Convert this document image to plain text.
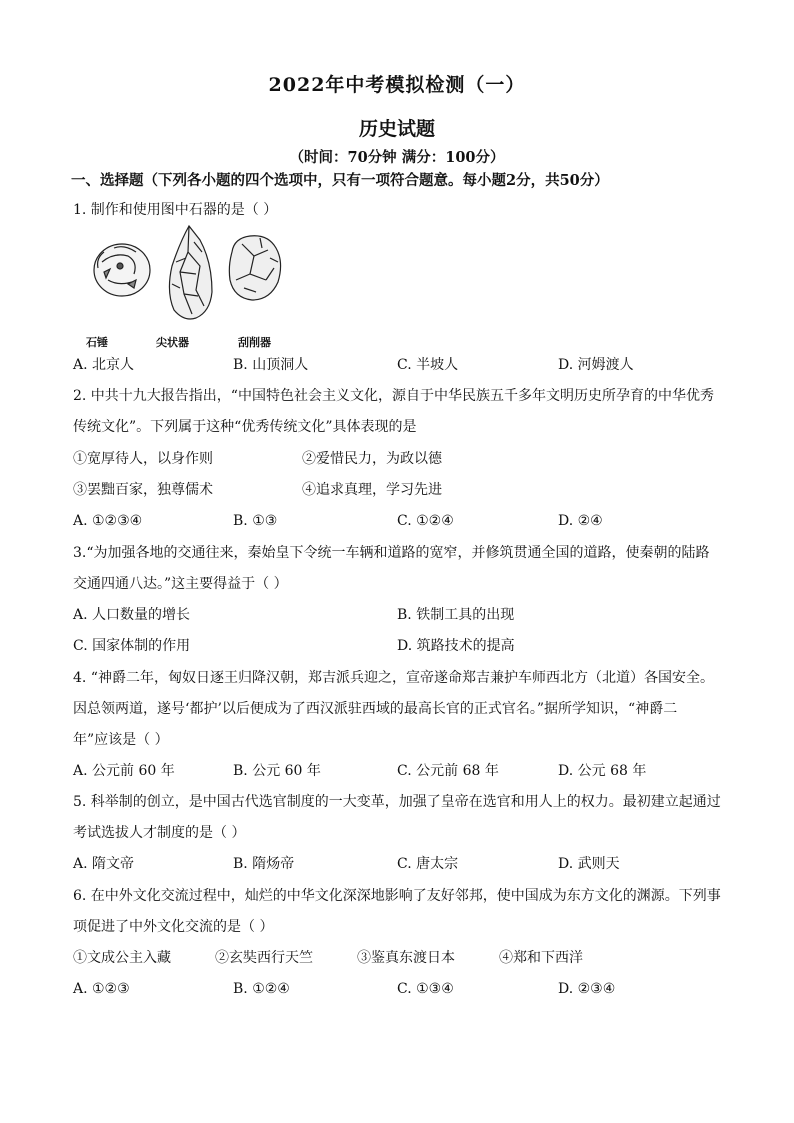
2022年中考模拟检测（一）
历史试题
（时间：70分钟 满分：100分）
一、选择题（下列各小题的四个选项中，只有一项符合题意。每小题2分，共50分）
1. 制作和使用图中石器的是（ ）
石锤	尖状器	刮削器
A. 北京人	B. 山顶洞人	C. 半坡人	D. 河姆渡人
2. 中共十九大报告指出，“中国特色社会主义文化，源自于中华民族五千多年文明历史所孕育的中华优秀
传统文化”。下列属于这种“优秀传统文化”具体表现的是
①宽厚待人，以身作则	②爱惜民力，为政以德
③罢黜百家，独尊儒术	④追求真理，学习先进
A. ①②③④	B. ①③	C. ①②④	D. ②④
3.“为加强各地的交通往来，秦始皇下令统一车辆和道路的宽窄，并修筑贯通全国的道路，使秦朝的陆路
交通四通八达。”这主要得益于（ ）
A. 人口数量的增长	B. 铁制工具的出现
C. 国家体制的作用	D. 筑路技术的提高
4. “神爵二年，匈奴日逐王归降汉朝，郑吉派兵迎之，宣帝遂命郑吉兼护车师西北方（北道）各国安全。
因总领两道，遂号‘都护’以后便成为了西汉派驻西域的最高长官的正式官名。”据所学知识，“神爵二
年”应该是（ ）
A. 公元前 60 年	B. 公元 60 年	C. 公元前 68 年	D. 公元 68 年
5. 科举制的创立，是中国古代选官制度的一大变革，加强了皇帝在选官和用人上的权力。最初建立起通过
考试选拔人才制度的是（ ）
A. 隋文帝	B. 隋炀帝	C. 唐太宗	D. 武则天
6. 在中外文化交流过程中，灿烂的中华文化深深地影响了友好邻邦，使中国成为东方文化的渊源。下列事
项促进了中外文化交流的是（ ）
①文成公主入藏	②玄奘西行天竺	③鉴真东渡日本	④郑和下西洋
A. ①②③	B. ①②④	C. ①③④	D. ②③④
